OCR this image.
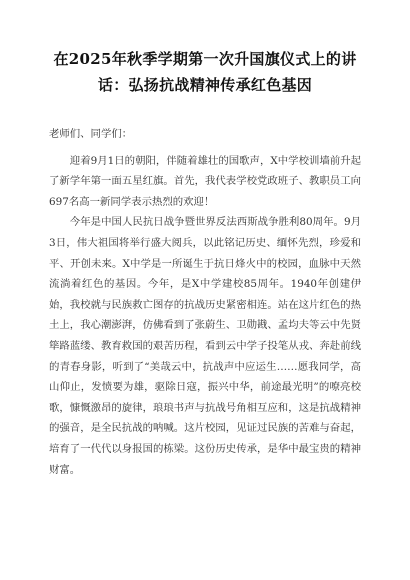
在2025年秋季学期第一次升国旗仪式上的讲话：弘扬抗战精神传承红色基因

老师们、同学们：

迎着9月1日的朝阳，伴随着雄壮的国歌声，X中学校训墙前升起了新学年第一面五星红旗。首先，我代表学校党政班子、教职员工向697名高一新同学表示热烈的欢迎！

今年是中国人民抗日战争暨世界反法西斯战争胜利80周年。9月3日，伟大祖国将举行盛大阅兵，以此铭记历史、缅怀先烈，珍爱和平、开创未来。X中学是一所诞生于抗日烽火中的校园，血脉中天然流淌着红色的基因。今年，是X中学建校85周年。1940年创建伊始，我校就与民族救亡图存的抗战历史紧密相连。站在这片红色的热土上，我心潮澎湃，仿佛看到了张蔚生、卫勋戡、孟均夫等云中先贤筚路蓝缕、教育救国的艰苦历程，看到云中学子投笔从戎、奔赴前线的青春身影，听到了“美哉云中，抗战声中应运生……愿我同学，高山仰止，发愤要为雄，驱除日寇，振兴中华，前途最光明”的嘹亮校歌，慷慨激昂的旋律，琅琅书声与抗战号角相互应和，这是抗战精神的强音，是全民抗战的呐喊。这片校园，见证过民族的苦难与奋起，培育了一代代以身报国的栋梁。这份历史传承，是华中最宝贵的精神财富。
